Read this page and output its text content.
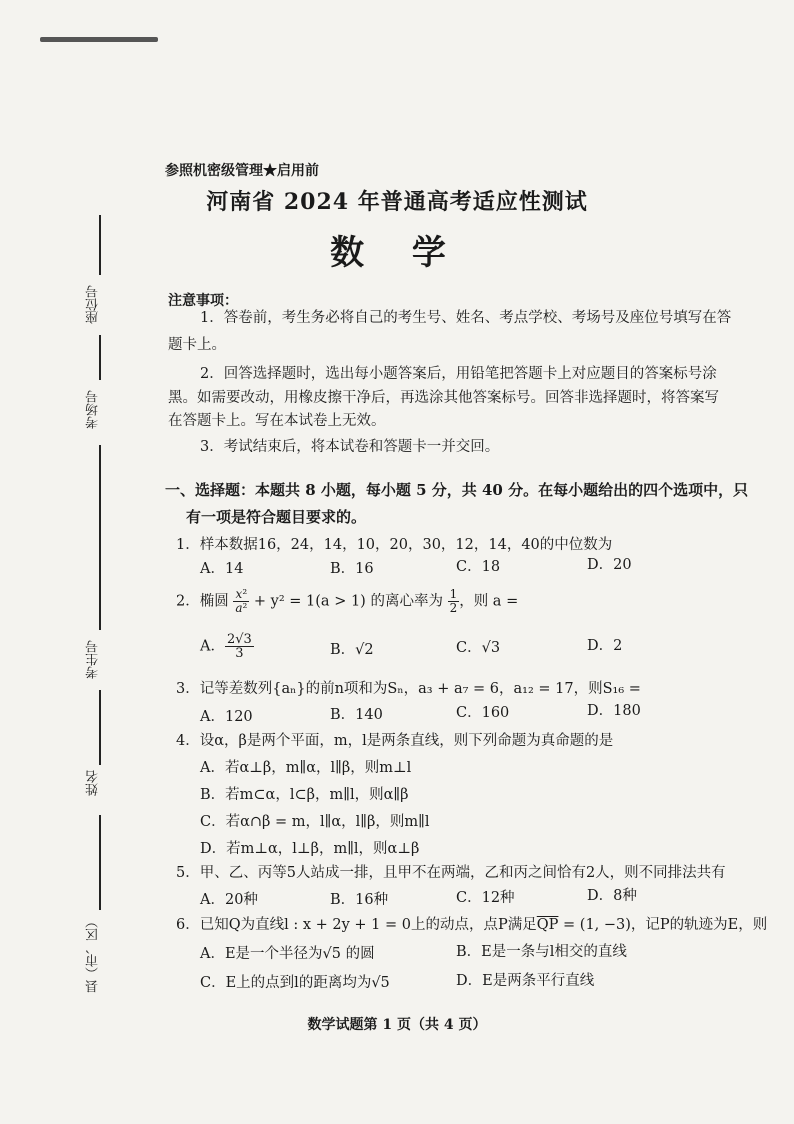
座位号
考场号
考生号
姓名
县（市、区）
参照机密级管理★启用前
河南省 2024 年普通高考适应性测试
数 学
注意事项：
1．答卷前，考生务必将自己的考生号、姓名、考点学校、考场号及座位号填写在答
题卡上。
2．回答选择题时，选出每小题答案后，用铅笔把答题卡上对应题目的答案标号涂
黑。如需要改动，用橡皮擦干净后，再选涂其他答案标号。回答非选择题时，将答案写
在答题卡上。写在本试卷上无效。
3．考试结束后，将本试卷和答题卡一并交回。
一、选择题：本题共 8 小题，每小题 5 分，共 40 分。在每小题给出的四个选项中，只
有一项是符合题目要求的。
1．样本数据16，24，14，10，20，30，12，14，40的中位数为
A．14	B．16	C．18	D．20
2．椭圆 $\frac{\text{x²}}{\text{a²}} + y^2 = 1(a > 1)$ 的离心率为 $\frac{1}{2}$ ，则 a =
A． $\frac{2√3}{3}$	B．√2	C．√3	D．2
3．记等差数列{aₙ}的前n项和为Sₙ，a₃ + a₇ = 6，a₁₂ = 17，则S₁₆ =
A．120	B．140	C．160	D．180
4．设α，β是两个平面，m，l是两条直线，则下列命题为真命题的是
A．若α⊥β，m∥α，l∥β，则m⊥l
B．若m⊂α，l⊂β，m∥l，则α∥β
C．若α∩β = m，l∥α，l∥β，则m∥l
D．若m⊥α，l⊥β，m∥l，则α⊥β
5．甲、乙、丙等5人站成一排，且甲不在两端，乙和丙之间恰有2人，则不同排法共有
A．20种	B．16种	C．12种	D．8种
6．已知Q为直线l : x + 2y + 1 = 0上的动点，点P满足$\overline{QP} = (1$, −3)，记P的轨迹为E，则
A．E是一个半径为√5 的圆	B．E是一条与l相交的直线
C．E上的点到l的距离均为√5	D．E是两条平行直线
数学试题第 1 页（共 4 页）
